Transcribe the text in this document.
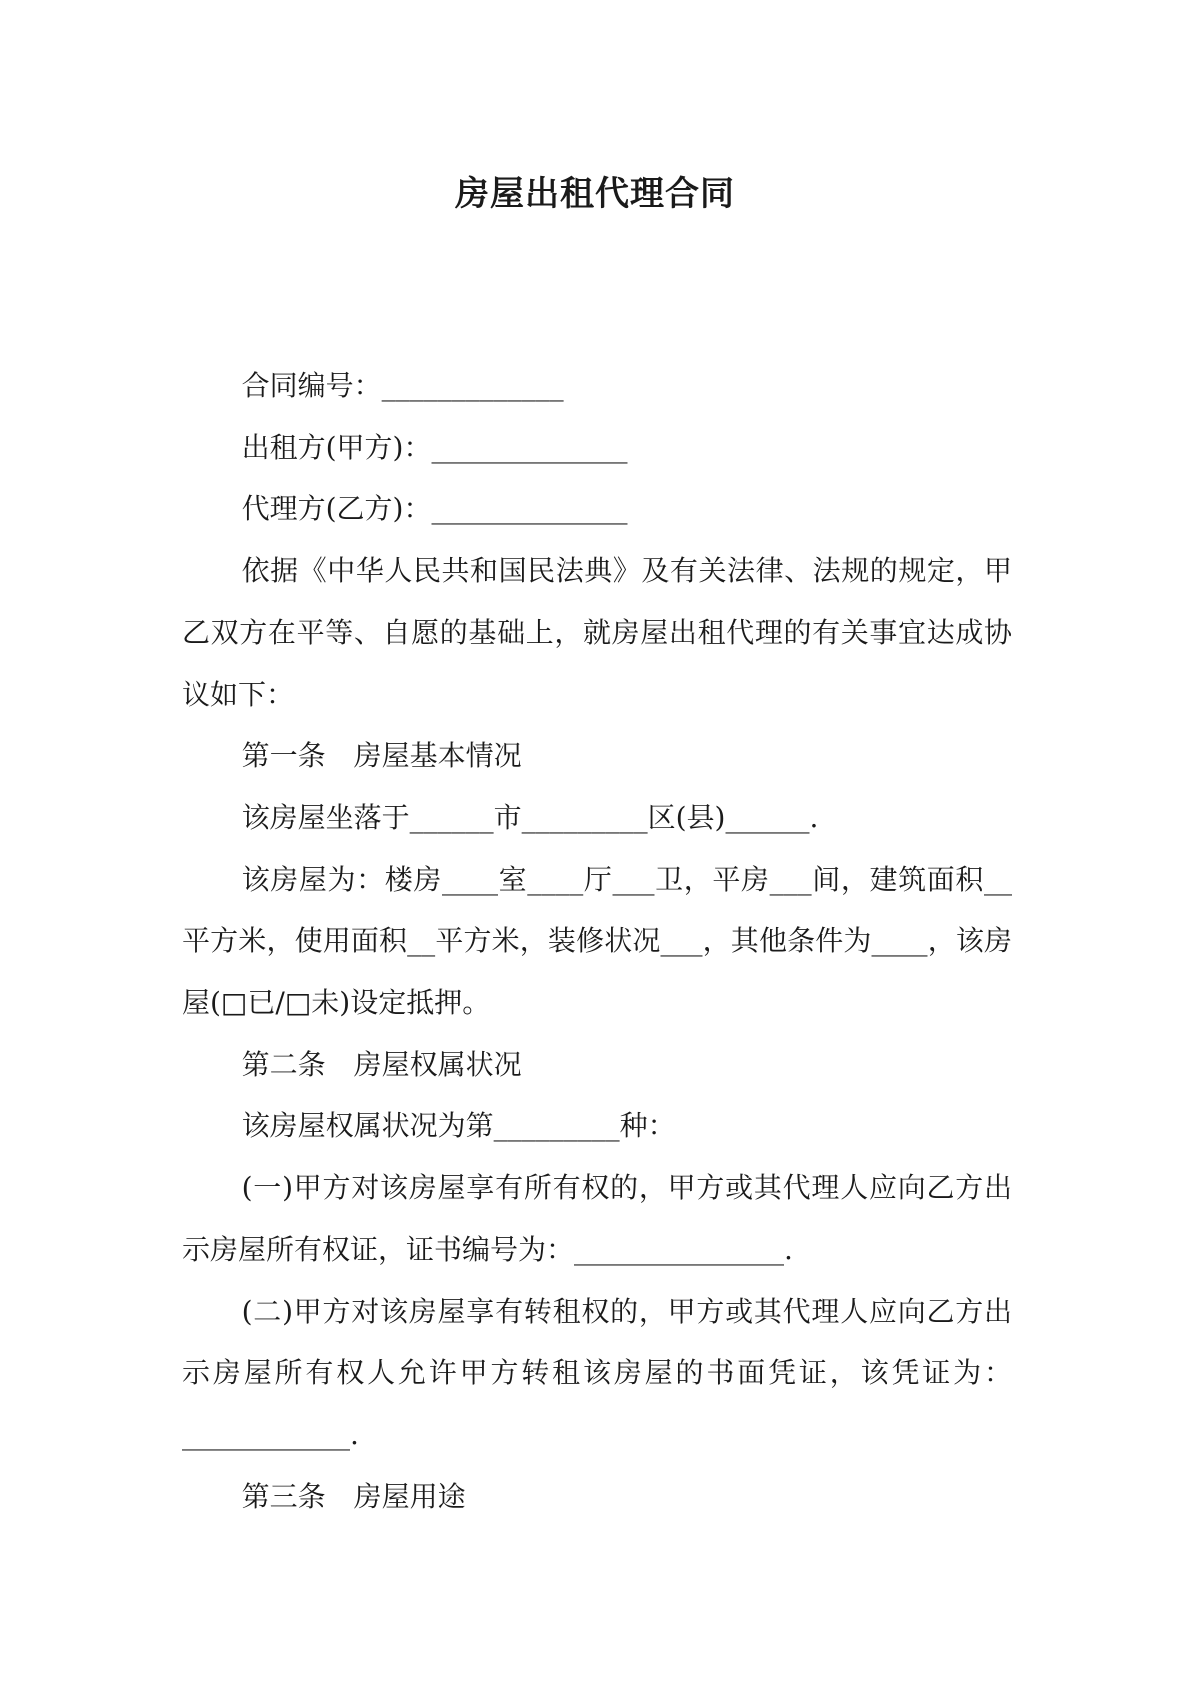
房屋出租代理合同

合同编号：_____________

出租方(甲方)：______________

代理方(乙方)：______________

依据《中华人民共和国民法典》及有关法律、法规的规定，甲乙双方在平等、自愿的基础上，就房屋出租代理的有关事宜达成协议如下：

第一条　房屋基本情况

该房屋坐落于______市_________区(县)______.

该房屋为：楼房____室____厅___卫，平房___间，建筑面积__平方米，使用面积__平方米，装修状况___，其他条件为____，该房屋(□已/□未)设定抵押。

第二条　房屋权属状况

该房屋权属状况为第_________种：

(一)甲方对该房屋享有所有权的，甲方或其代理人应向乙方出示房屋所有权证，证书编号为：_______________.

(二)甲方对该房屋享有转租权的，甲方或其代理人应向乙方出示房屋所有权人允许甲方转租该房屋的书面凭证，该凭证为：____________.

第三条　房屋用途
